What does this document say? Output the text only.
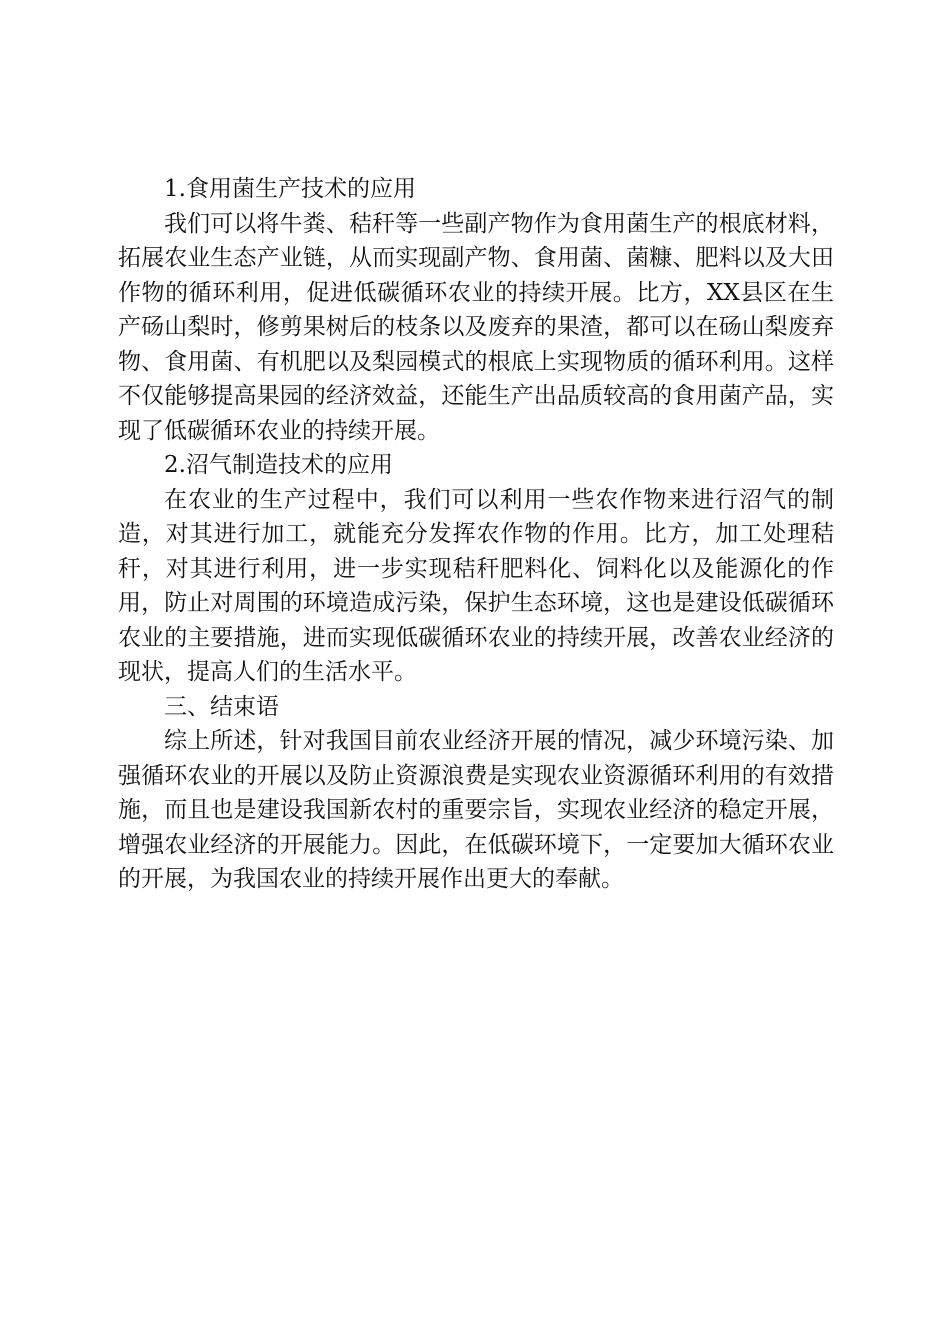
1.食用菌生产技术的应用

我们可以将牛粪、秸秆等一些副产物作为食用菌生产的根底材料，拓展农业生态产业链，从而实现副产物、食用菌、菌糠、肥料以及大田作物的循环利用，促进低碳循环农业的持续开展。比方，XX县区在生产砀山梨时，修剪果树后的枝条以及废弃的果渣，都可以在砀山梨废弃物、食用菌、有机肥以及梨园模式的根底上实现物质的循环利用。这样不仅能够提高果园的经济效益，还能生产出品质较高的食用菌产品，实现了低碳循环农业的持续开展。

2.沼气制造技术的应用

在农业的生产过程中，我们可以利用一些农作物来进行沼气的制造，对其进行加工，就能充分发挥农作物的作用。比方，加工处理秸秆，对其进行利用，进一步实现秸秆肥料化、饲料化以及能源化的作用，防止对周围的环境造成污染，保护生态环境，这也是建设低碳循环农业的主要措施，进而实现低碳循环农业的持续开展，改善农业经济的现状，提高人们的生活水平。

三、结束语

综上所述，针对我国目前农业经济开展的情况，减少环境污染、加强循环农业的开展以及防止资源浪费是实现农业资源循环利用的有效措施，而且也是建设我国新农村的重要宗旨，实现农业经济的稳定开展，增强农业经济的开展能力。因此，在低碳环境下，一定要加大循环农业的开展，为我国农业的持续开展作出更大的奉献。
